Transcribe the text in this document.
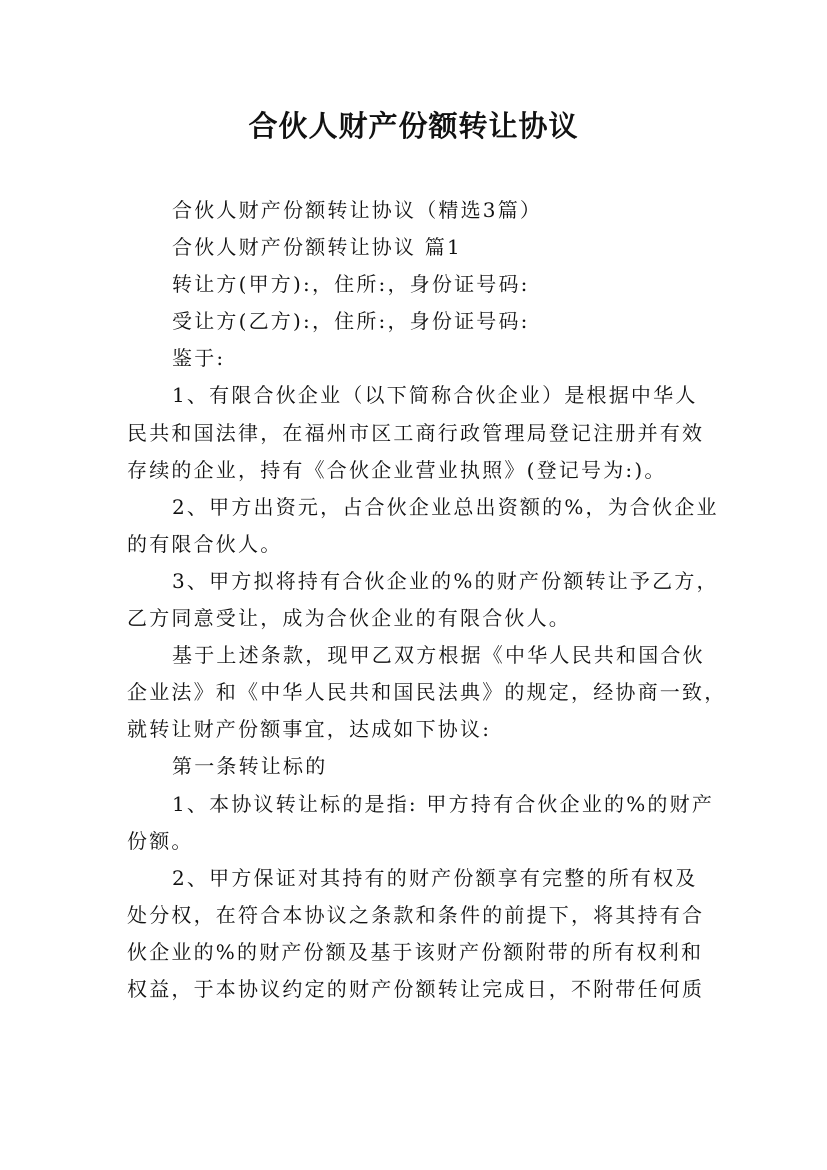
合伙人财产份额转让协议
合伙人财产份额转让协议（精选3篇）
合伙人财产份额转让协议 篇1
转让方(甲方):，住所:，身份证号码:
受让方(乙方):，住所:，身份证号码:
鉴于:
1、有限合伙企业（以下简称合伙企业）是根据中华人
民共和国法律，在福州市区工商行政管理局登记注册并有效
存续的企业，持有《合伙企业营业执照》(登记号为:)。
2、甲方出资元，占合伙企业总出资额的%，为合伙企业
的有限合伙人。
3、甲方拟将持有合伙企业的%的财产份额转让予乙方，
乙方同意受让，成为合伙企业的有限合伙人。
基于上述条款，现甲乙双方根据《中华人民共和国合伙
企业法》和《中华人民共和国民法典》的规定，经协商一致，
就转让财产份额事宜，达成如下协议:
第一条转让标的
1、本协议转让标的是指: 甲方持有合伙企业的%的财产
份额。
2、甲方保证对其持有的财产份额享有完整的所有权及
处分权，在符合本协议之条款和条件的前提下，将其持有合
伙企业的%的财产份额及基于该财产份额附带的所有权利和
权益，于本协议约定的财产份额转让完成日，不附带任何质
